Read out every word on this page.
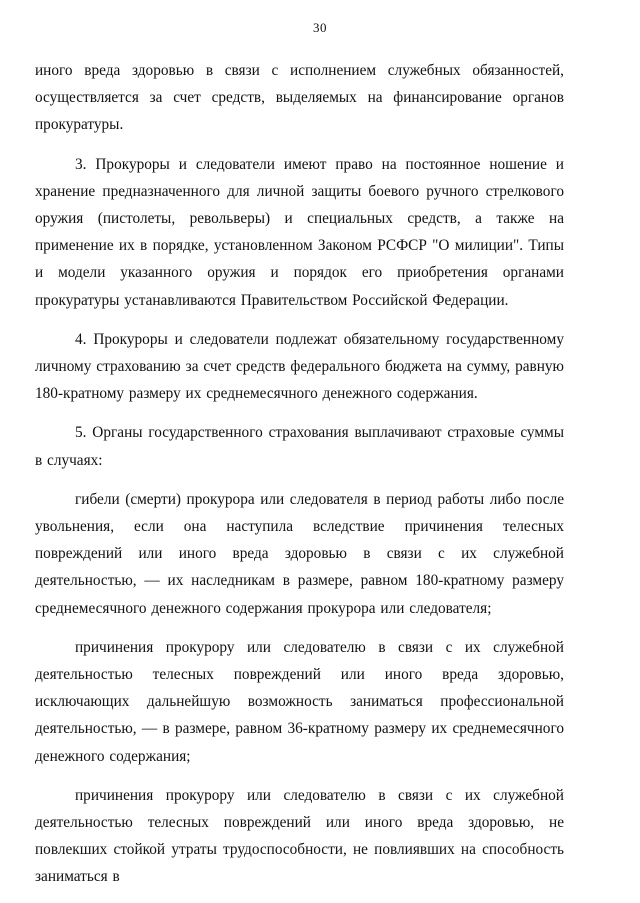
30

иного вреда здоровью в связи с исполнением служебных обязанностей, осуществляется за счет средств, выделяемых на финансирование органов прокуратуры.

3. Прокуроры и следователи имеют право на постоянное ношение и хранение предназначенного для личной защиты боевого ручного стрелкового оружия (пистолеты, револьверы) и специальных средств, а также на применение их в порядке, установленном Законом РСФСР "О милиции". Типы и модели указанного оружия и порядок его приобретения органами прокуратуры устанавливаются Правительством Российской Федерации.

4. Прокуроры и следователи подлежат обязательному государственному личному страхованию за счет средств федерального бюджета на сумму, равную 180-кратному размеру их среднемесячного денежного содержания.

5. Органы государственного страхования выплачивают страховые суммы в случаях:

гибели (смерти) прокурора или следователя в период работы либо после увольнения, если она наступила вследствие причинения телесных повреждений или иного вреда здоровью в связи с их служебной деятельностью, — их наследникам в размере, равном 180-кратному размеру среднемесячного денежного содержания прокурора или следователя;

причинения прокурору или следователю в связи с их служебной деятельностью телесных повреждений или иного вреда здоровью, исключающих дальнейшую возможность заниматься профессиональной деятельностью, — в размере, равном 36-кратному размеру их среднемесячного денежного содержания;

причинения прокурору или следователю в связи с их служебной деятельностью телесных повреждений или иного вреда здоровью, не повлекших стойкой утраты трудоспособности, не повлиявших на способность заниматься в
